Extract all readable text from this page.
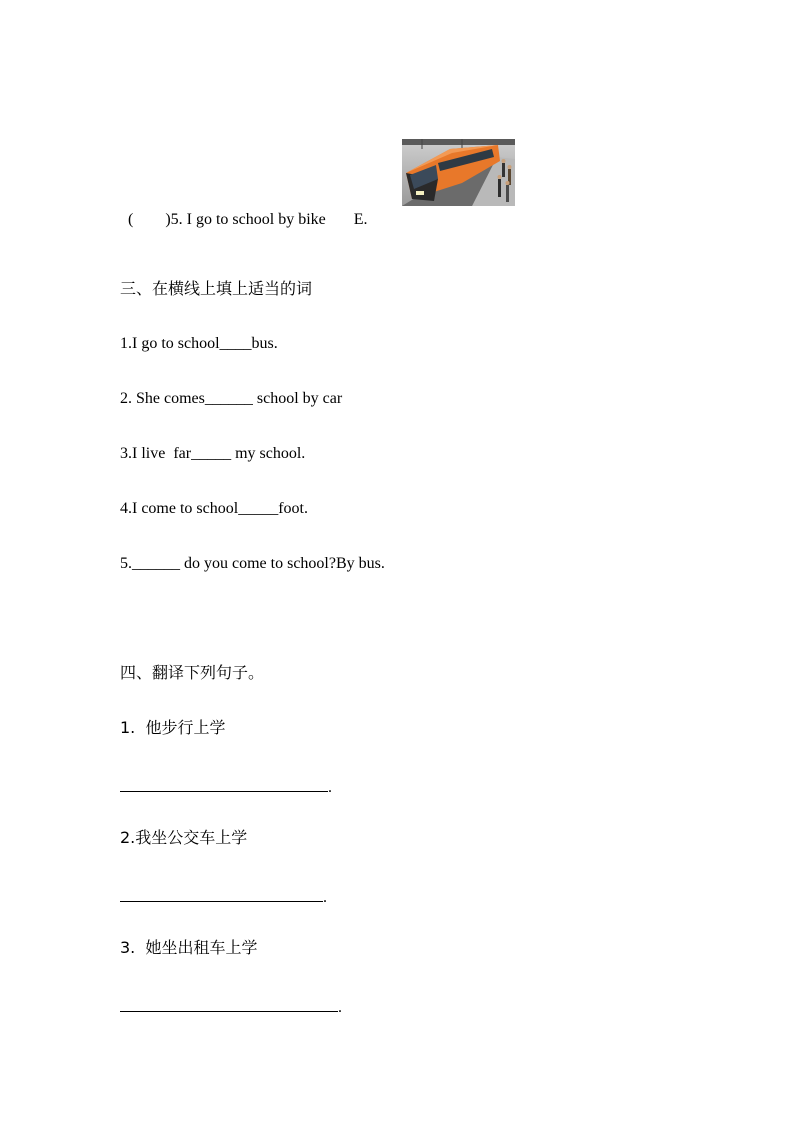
(        )5. I go to school by bike E.

三、在横线上填上适当的词
1.I go to school____bus.
2. She comes______ school by car
3.I live  far_____ my school.
4.I come to school_____foot.
5.______ do you come to school?By bus.
四、翻译下列句子。
1.  他步行上学
.
2.我坐公交车上学
.
3.  她坐出租车上学
.
